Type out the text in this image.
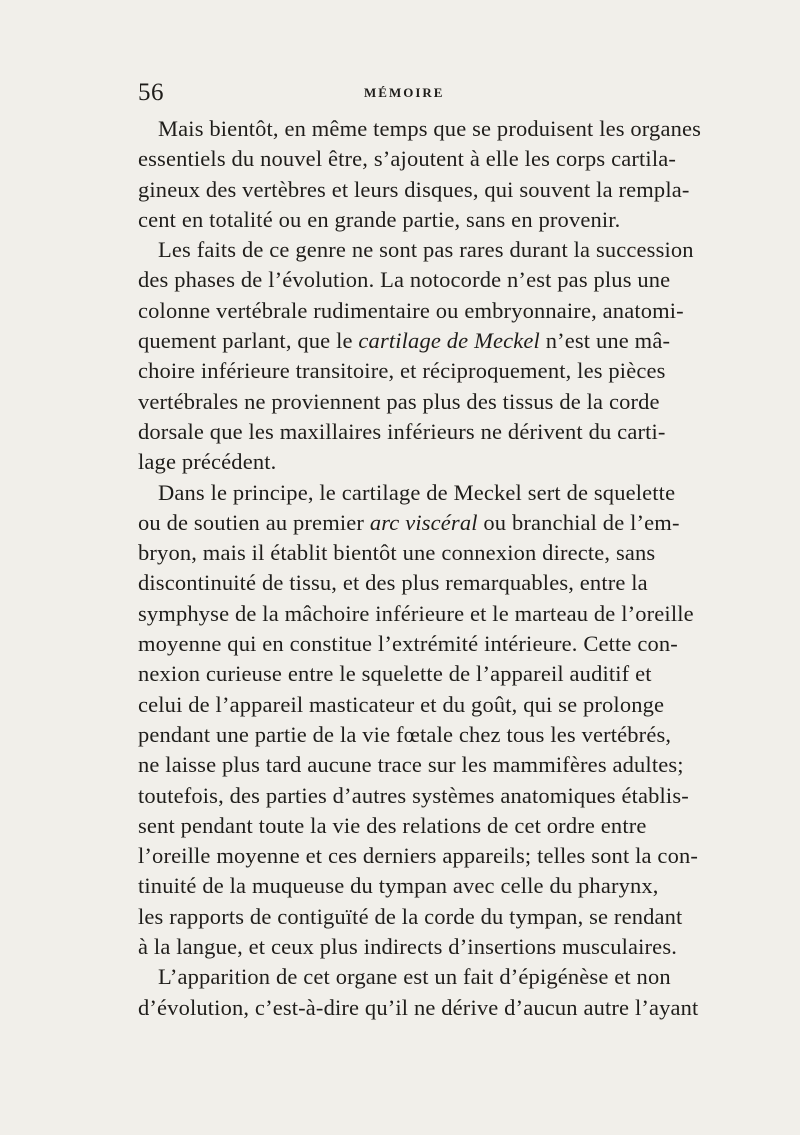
56	MÉMOIRE
Mais bientôt, en même temps que se produisent les organes
essentiels du nouvel être, s’ajoutent à elle les corps cartila-
gineux des vertèbres et leurs disques, qui souvent la rempla-
cent en totalité ou en grande partie, sans en provenir.
Les faits de ce genre ne sont pas rares durant la succession
des phases de l’évolution. La notocorde n’est pas plus une
colonne vertébrale rudimentaire ou embryonnaire, anatomi-
quement parlant, que le cartilage de Meckel n’est une mâ-
choire inférieure transitoire, et réciproquement, les pièces
vertébrales ne proviennent pas plus des tissus de la corde
dorsale que les maxillaires inférieurs ne dérivent du carti-
lage précédent.
Dans le principe, le cartilage de Meckel sert de squelette
ou de soutien au premier arc viscéral ou branchial de l’em-
bryon, mais il établit bientôt une connexion directe, sans
discontinuité de tissu, et des plus remarquables, entre la
symphyse de la mâchoire inférieure et le marteau de l’oreille
moyenne qui en constitue l’extrémité intérieure. Cette con-
nexion curieuse entre le squelette de l’appareil auditif et
celui de l’appareil masticateur et du goût, qui se prolonge
pendant une partie de la vie fœtale chez tous les vertébrés,
ne laisse plus tard aucune trace sur les mammifères adultes;
toutefois, des parties d’autres systèmes anatomiques établis-
sent pendant toute la vie des relations de cet ordre entre
l’oreille moyenne et ces derniers appareils; telles sont la con-
tinuité de la muqueuse du tympan avec celle du pharynx,
les rapports de contiguïté de la corde du tympan, se rendant
à la langue, et ceux plus indirects d’insertions musculaires.
L’apparition de cet organe est un fait d’épigénèse et non
d’évolution, c’est-à-dire qu’il ne dérive d’aucun autre l’ayant
